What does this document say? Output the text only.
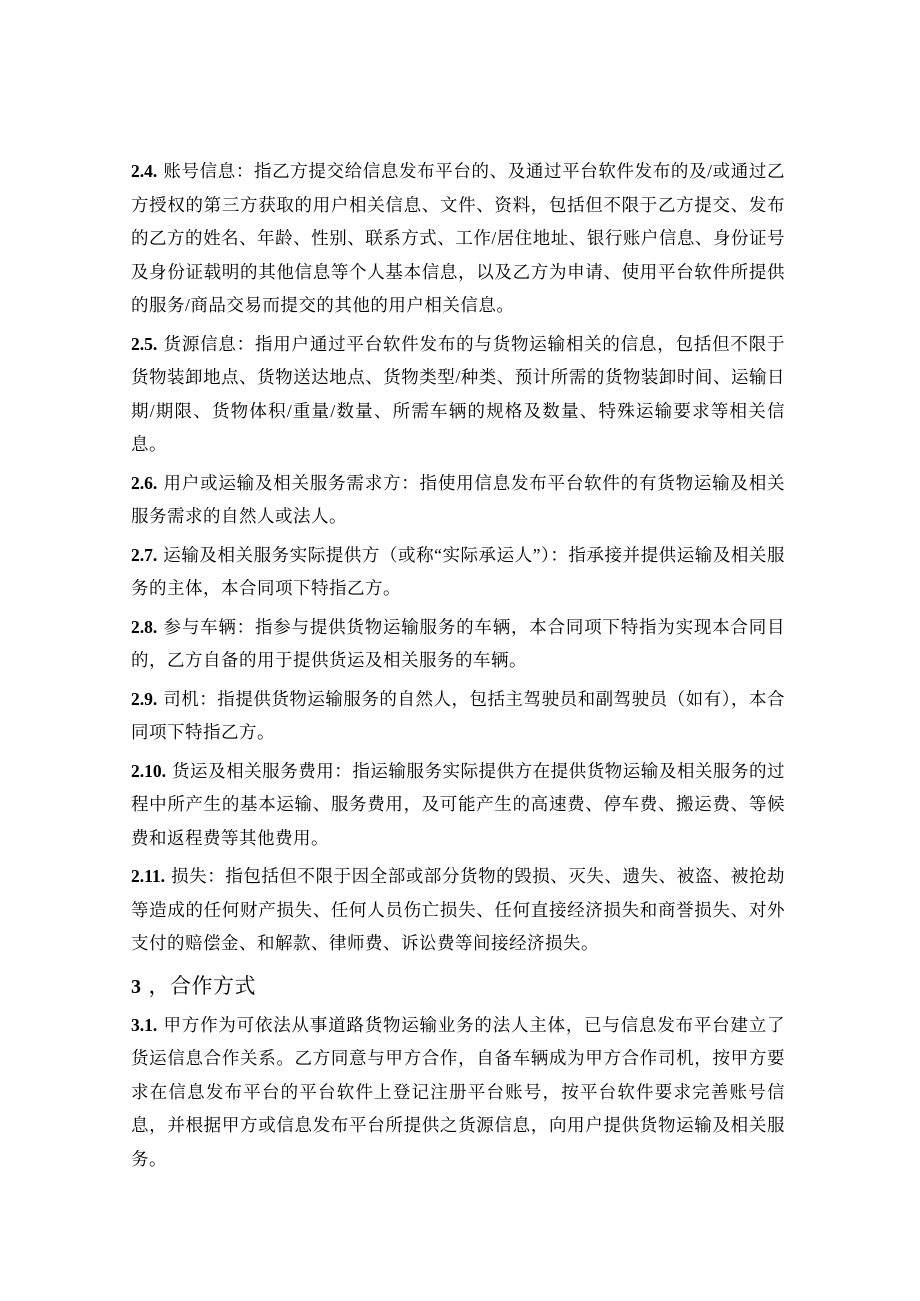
2.4. 账号信息：指乙方提交给信息发布平台的、及通过平台软件发布的及/或通过乙方授权的第三方获取的用户相关信息、文件、资料，包括但不限于乙方提交、发布的乙方的姓名、年龄、性别、联系方式、工作/居住地址、银行账户信息、身份证号及身份证载明的其他信息等个人基本信息，以及乙方为申请、使用平台软件所提供的服务/商品交易而提交的其他的用户相关信息。

2.5. 货源信息：指用户通过平台软件发布的与货物运输相关的信息，包括但不限于货物装卸地点、货物送达地点、货物类型/种类、预计所需的货物装卸时间、运输日期/期限、货物体积/重量/数量、所需车辆的规格及数量、特殊运输要求等相关信息。

2.6. 用户或运输及相关服务需求方：指使用信息发布平台软件的有货物运输及相关服务需求的自然人或法人。

2.7. 运输及相关服务实际提供方（或称“实际承运人”）：指承接并提供运输及相关服务的主体，本合同项下特指乙方。

2.8. 参与车辆：指参与提供货物运输服务的车辆，本合同项下特指为实现本合同目的，乙方自备的用于提供货运及相关服务的车辆。

2.9. 司机：指提供货物运输服务的自然人，包括主驾驶员和副驾驶员（如有），本合同项下特指乙方。

2.10. 货运及相关服务费用：指运输服务实际提供方在提供货物运输及相关服务的过程中所产生的基本运输、服务费用，及可能产生的高速费、停车费、搬运费、等候费和返程费等其他费用。

2.11. 损失：指包括但不限于因全部或部分货物的毁损、灭失、遗失、被盗、被抢劫等造成的任何财产损失、任何人员伤亡损失、任何直接经济损失和商誉损失、对外支付的赔偿金、和解款、律师费、诉讼费等间接经济损失。

3 ，合作方式

3.1. 甲方作为可依法从事道路货物运输业务的法人主体，已与信息发布平台建立了货运信息合作关系。乙方同意与甲方合作，自备车辆成为甲方合作司机，按甲方要求在信息发布平台的平台软件上登记注册平台账号，按平台软件要求完善账号信息，并根据甲方或信息发布平台所提供之货源信息，向用户提供货物运输及相关服务。
